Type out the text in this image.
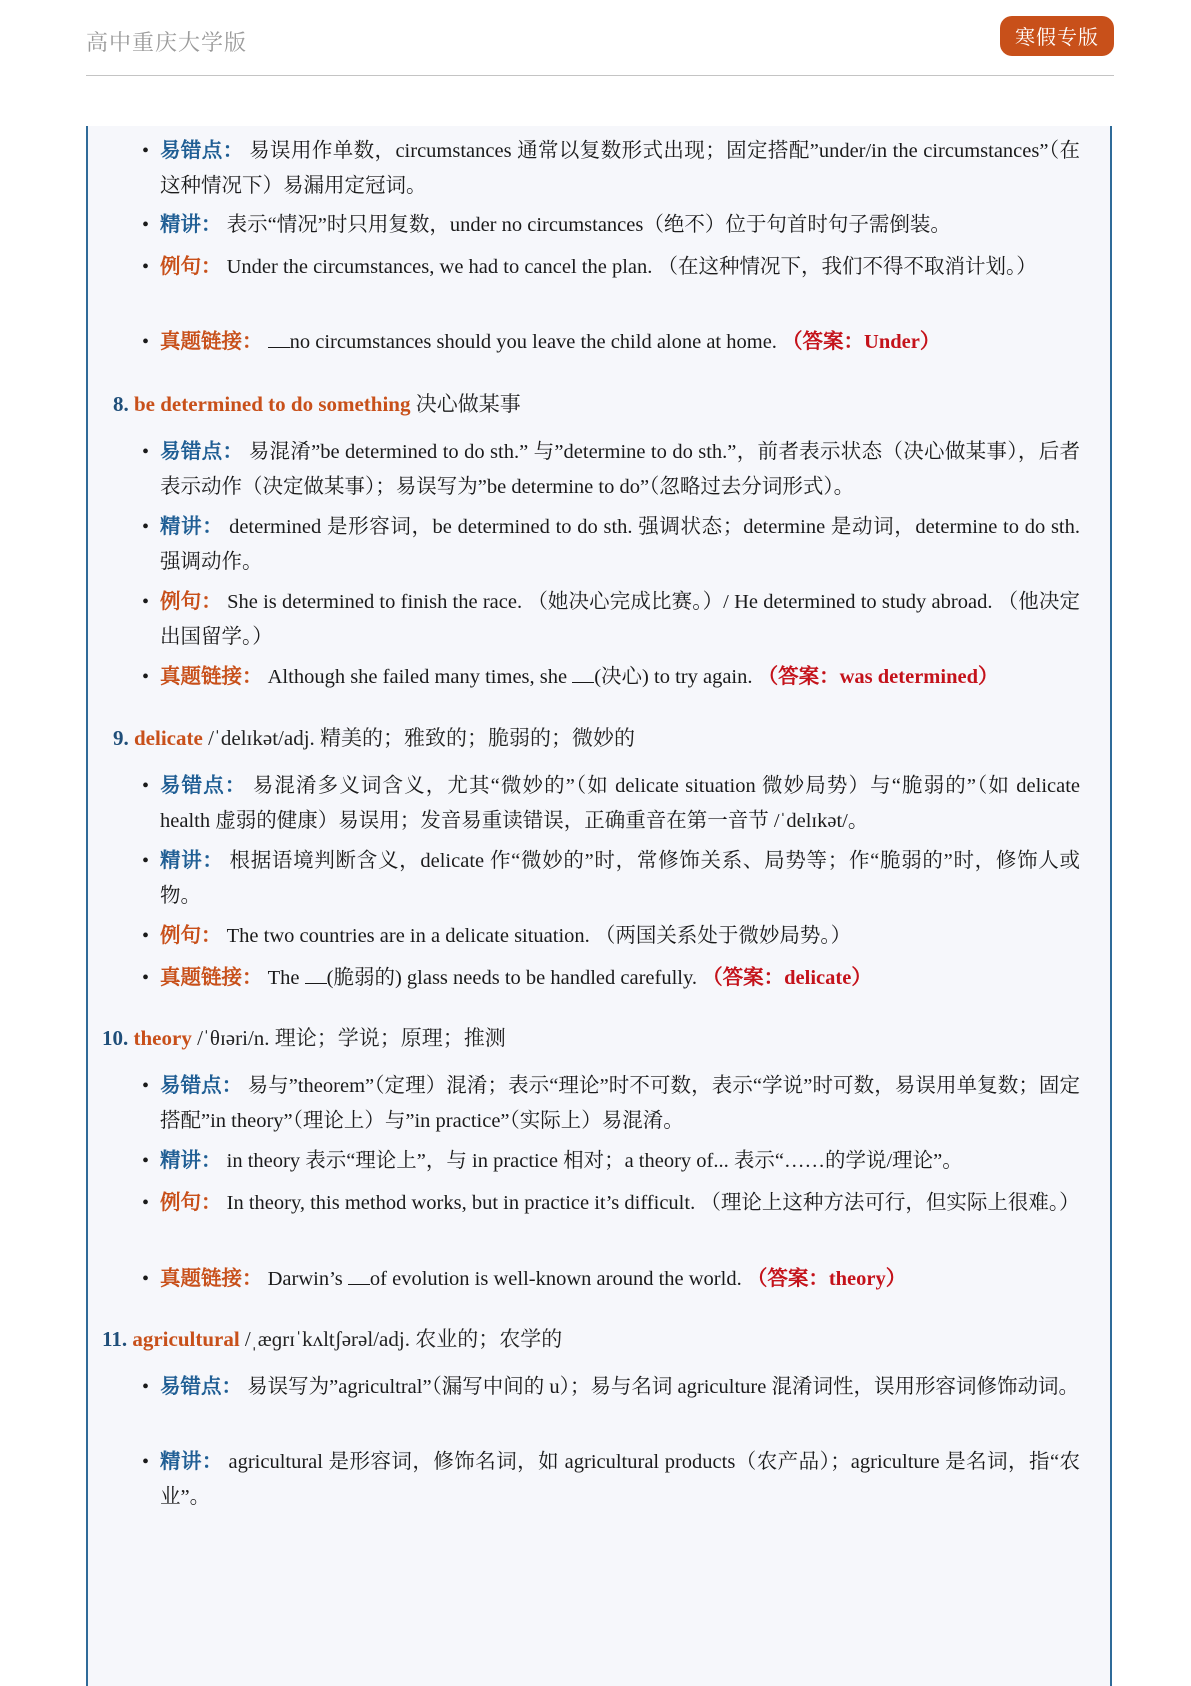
高中重庆大学版	寒假专版
• 易错点： 易误用作单数，circumstances 通常以复数形式出现；固定搭配”under/in the circumstances”（在这种情况下）易漏用定冠词。
• 精讲： 表示“情况”时只用复数，under no circumstances（绝不）位于句首时句子需倒装。
• 例句： Under the circumstances, we had to cancel the plan. （在这种情况下，我们不得不取消计划。）
• 真题链接： no circumstances should you leave the child alone at home. （答案：Under）
8. be determined to do something 决心做某事
• 易错点： 易混淆”be determined to do sth.” 与”determine to do sth.”，前者表示状态（决心做某事），后者表示动作（决定做某事）；易误写为”be determine to do”（忽略过去分词形式）。
• 精讲： determined 是形容词，be determined to do sth. 强调状态；determine 是动词，determine to do sth. 强调动作。
• 例句： She is determined to finish the race. （她决心完成比赛。）/ He determined to study abroad. （他决定出国留学。）
• 真题链接： Although she failed many times, she (决心) to try again. （答案：was determined）
9. delicate /ˈdelɪkət/adj. 精美的；雅致的；脆弱的；微妙的
• 易错点： 易混淆多义词含义，尤其“微妙的”（如 delicate situation 微妙局势）与“脆弱的”（如 delicate health 虚弱的健康）易误用；发音易重读错误，正确重音在第一音节 /ˈdelɪkət/。
• 精讲： 根据语境判断含义，delicate 作“微妙的”时，常修饰关系、局势等；作“脆弱的”时，修饰人或物。
• 例句： The two countries are in a delicate situation. （两国关系处于微妙局势。）
• 真题链接： The (脆弱的) glass needs to be handled carefully. （答案：delicate）
10. theory /ˈθɪəri/n. 理论；学说；原理；推测
• 易错点： 易与”theorem”（定理）混淆；表示“理论”时不可数，表示“学说”时可数，易误用单复数；固定搭配”in theory”（理论上）与”in practice”（实际上）易混淆。
• 精讲： in theory 表示“理论上”，与 in practice 相对；a theory of... 表示“……的学说/理论”。
• 例句： In theory, this method works, but in practice it’s difficult. （理论上这种方法可行，但实际上很难。）
• 真题链接： Darwin’s of evolution is well-known around the world. （答案：theory）
11. agricultural /ˌæɡrɪˈkʌltʃərəl/adj. 农业的；农学的
• 易错点： 易误写为”agricultral”（漏写中间的 u）；易与名词 agriculture 混淆词性，误用形容词修饰动词。
• 精讲： agricultural 是形容词，修饰名词，如 agricultural products（农产品）；agriculture 是名词，指“农业”。
